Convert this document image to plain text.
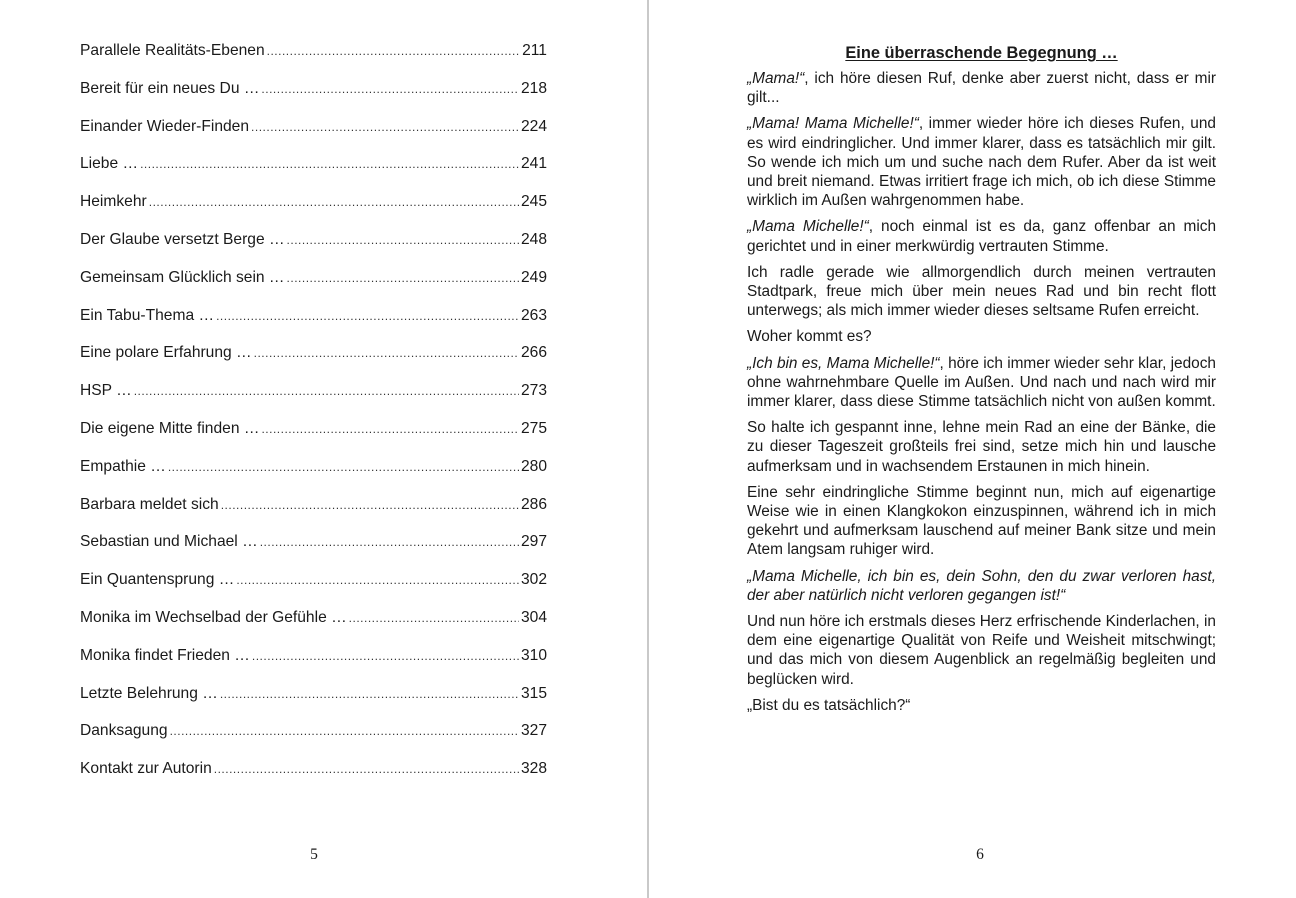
Parallele Realitäts-Ebenen .....	211
Bereit für ein neues Du … .....	218
Einander Wieder-Finden .....	224
Liebe … .....	241
Heimkehr .....	245
Der Glaube versetzt Berge … .....	248
Gemeinsam Glücklich sein … .....	249
Ein Tabu-Thema … .....	263
Eine polare Erfahrung … .....	266
HSP … .....	273
Die eigene Mitte finden … .....	275
Empathie … .....	280
Barbara meldet sich .....	286
Sebastian und Michael … .....	297
Ein Quantensprung … .....	302
Monika im Wechselbad der Gefühle … .....	304
Monika findet Frieden … .....	310
Letzte Belehrung … .....	315
Danksagung .....	327
Kontakt zur Autorin .....	328
5
Eine überraschende Begegnung …

„Mama!“, ich höre diesen Ruf, denke aber zuerst nicht, dass er mir gilt...

„Mama! Mama Michelle!“, immer wieder höre ich dieses Rufen, und es wird eindringlicher. Und immer klarer, dass es tatsächlich mir gilt. So wende ich mich um und suche nach dem Rufer. Aber da ist weit und breit niemand. Etwas irritiert frage ich mich, ob ich diese Stimme wirklich im Außen wahrgenommen habe.

„Mama Michelle!“, noch einmal ist es da, ganz offenbar an mich gerichtet und in einer merkwürdig vertrauten Stimme.

Ich radle gerade wie allmorgendlich durch meinen vertrauten Stadtpark, freue mich über mein neues Rad und bin recht flott unterwegs; als mich immer wieder dieses seltsame Rufen erreicht.

Woher kommt es?

„Ich bin es, Mama Michelle!“, höre ich immer wieder sehr klar, jedoch ohne wahrnehmbare Quelle im Außen. Und nach und nach wird mir immer klarer, dass diese Stimme tatsächlich nicht von außen kommt.

So halte ich gespannt inne, lehne mein Rad an eine der Bänke, die zu dieser Tageszeit großteils frei sind, setze mich hin und lausche aufmerksam und in wachsendem Erstaunen in mich hinein.

Eine sehr eindringliche Stimme beginnt nun, mich auf eigenartige Weise wie in einen Klangkokon einzuspinnen, während ich in mich gekehrt und aufmerksam lauschend auf meiner Bank sitze und mein Atem langsam ruhiger wird.

„Mama Michelle, ich bin es, dein Sohn, den du zwar verloren hast, der aber natürlich nicht verloren gegangen ist!“

Und nun höre ich erstmals dieses Herz erfrischende Kinderlachen, in dem eine eigenartige Qualität von Reife und Weisheit mitschwingt; und das mich von diesem Augenblick an regelmäßig begleiten und beglücken wird.

„Bist du es tatsächlich?“

6
